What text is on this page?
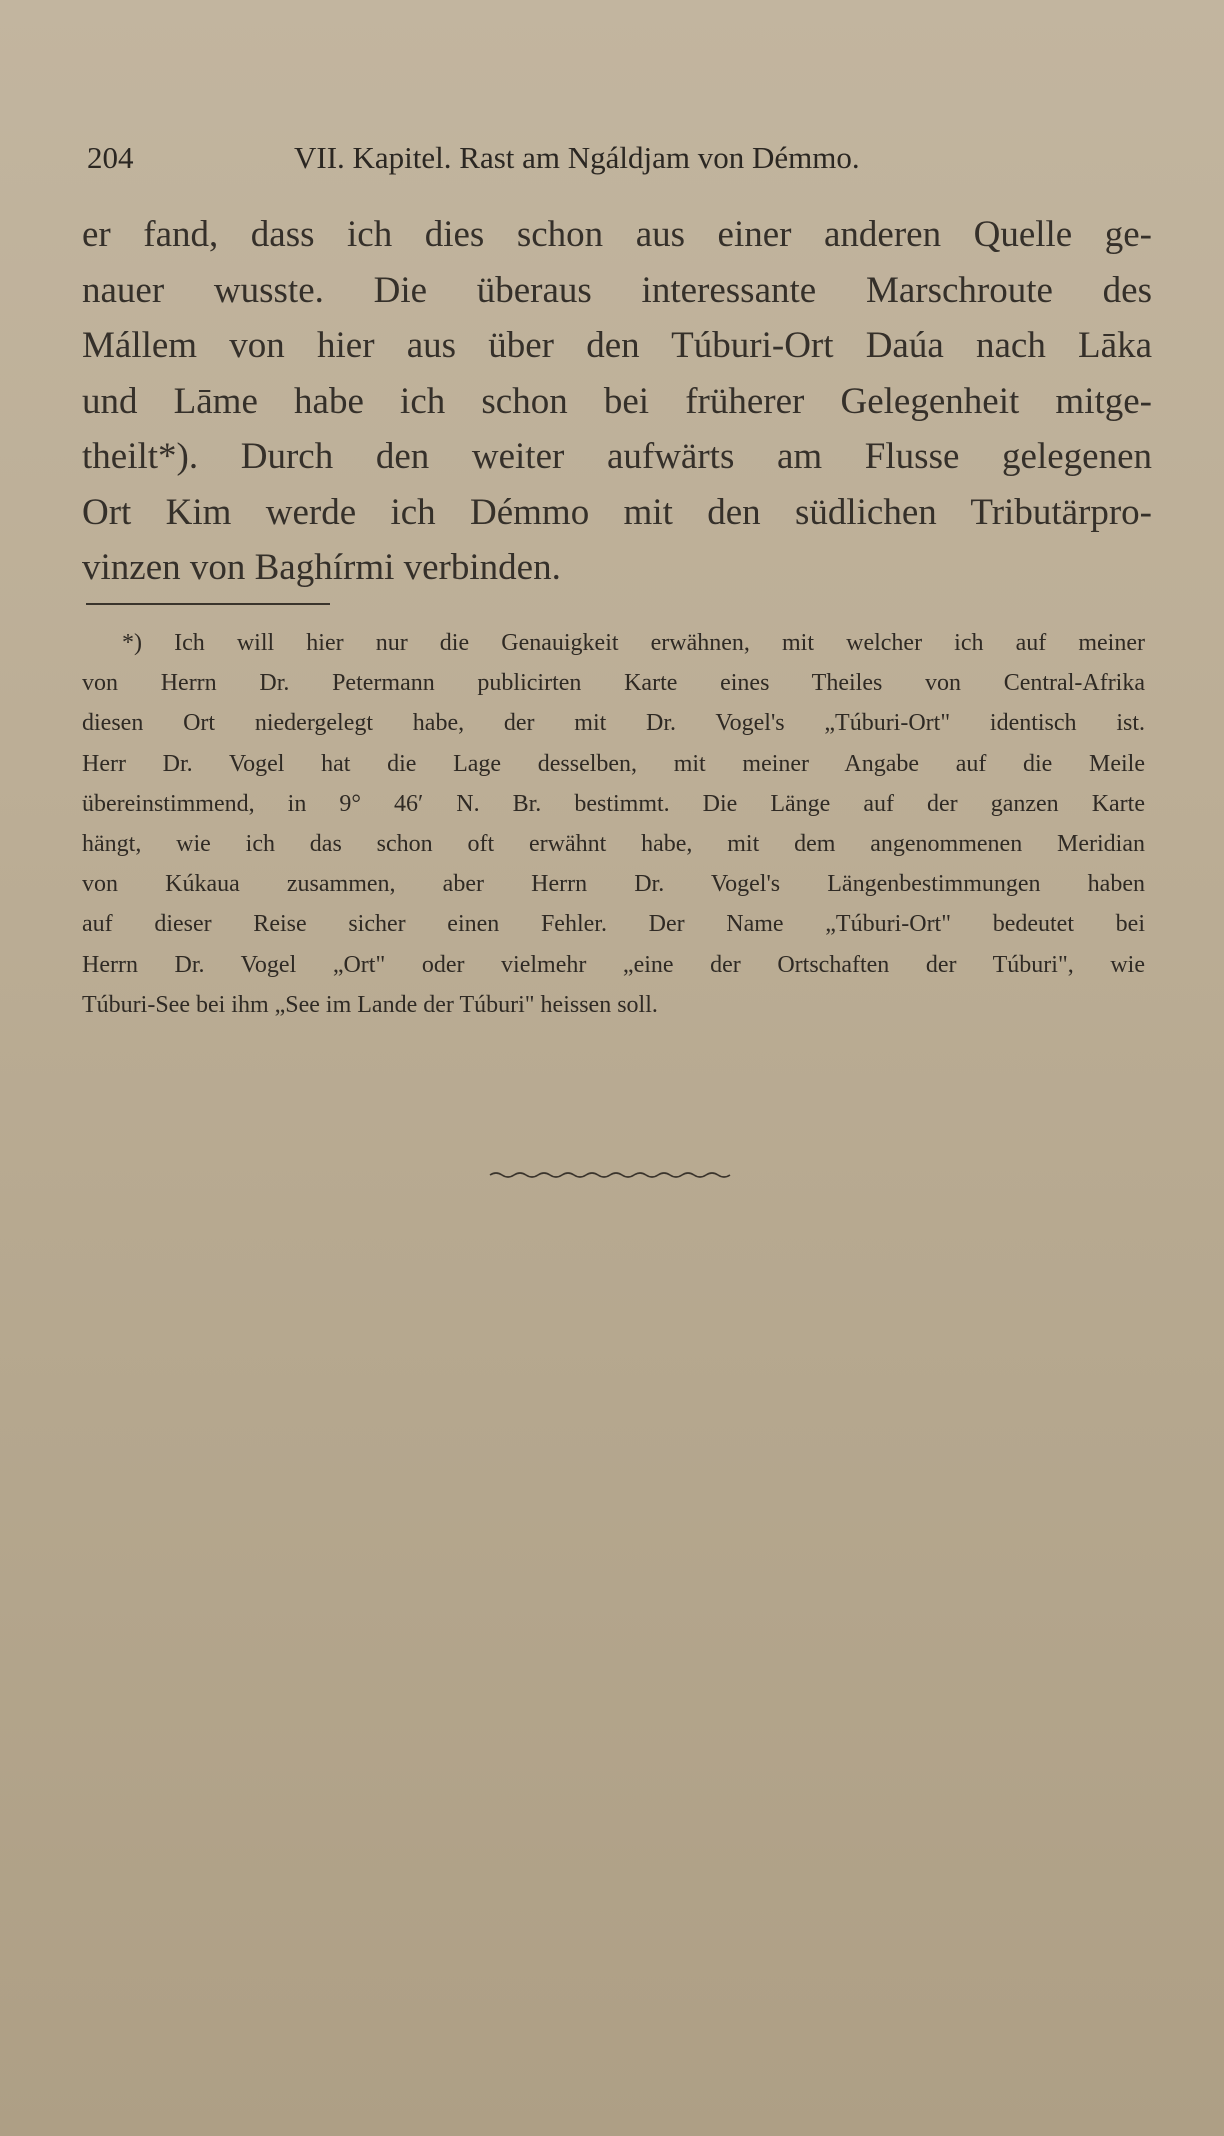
204	VII. Kapitel. Rast am Ngáldjam von Démmo.
er fand, dass ich dies schon aus einer anderen Quelle ge-
nauer wusste. Die überaus interessante Marschroute des
Mállem von hier aus über den Túburi-Ort Daúa nach Lāka
und Lāme habe ich schon bei früherer Gelegenheit mitge-
theilt*). Durch den weiter aufwärts am Flusse gelegenen
Ort Kim werde ich Démmo mit den südlichen Tributärpro-
vinzen von Baghírmi verbinden.
*) Ich will hier nur die Genauigkeit erwähnen, mit welcher ich auf meiner
von Herrn Dr. Petermann publicirten Karte eines Theiles von Central-Afrika
diesen Ort niedergelegt habe, der mit Dr. Vogel's „Túburi-Ort" identisch ist.
Herr Dr. Vogel hat die Lage desselben, mit meiner Angabe auf die Meile
übereinstimmend, in 9° 46′ N. Br. bestimmt. Die Länge auf der ganzen Karte
hängt, wie ich das schon oft erwähnt habe, mit dem angenommenen Meridian
von Kúkaua zusammen, aber Herrn Dr. Vogel's Längenbestimmungen haben
auf dieser Reise sicher einen Fehler. Der Name „Túburi-Ort" bedeutet bei
Herrn Dr. Vogel „Ort" oder vielmehr „eine der Ortschaften der Túburi", wie
Túburi-See bei ihm „See im Lande der Túburi" heissen soll.
